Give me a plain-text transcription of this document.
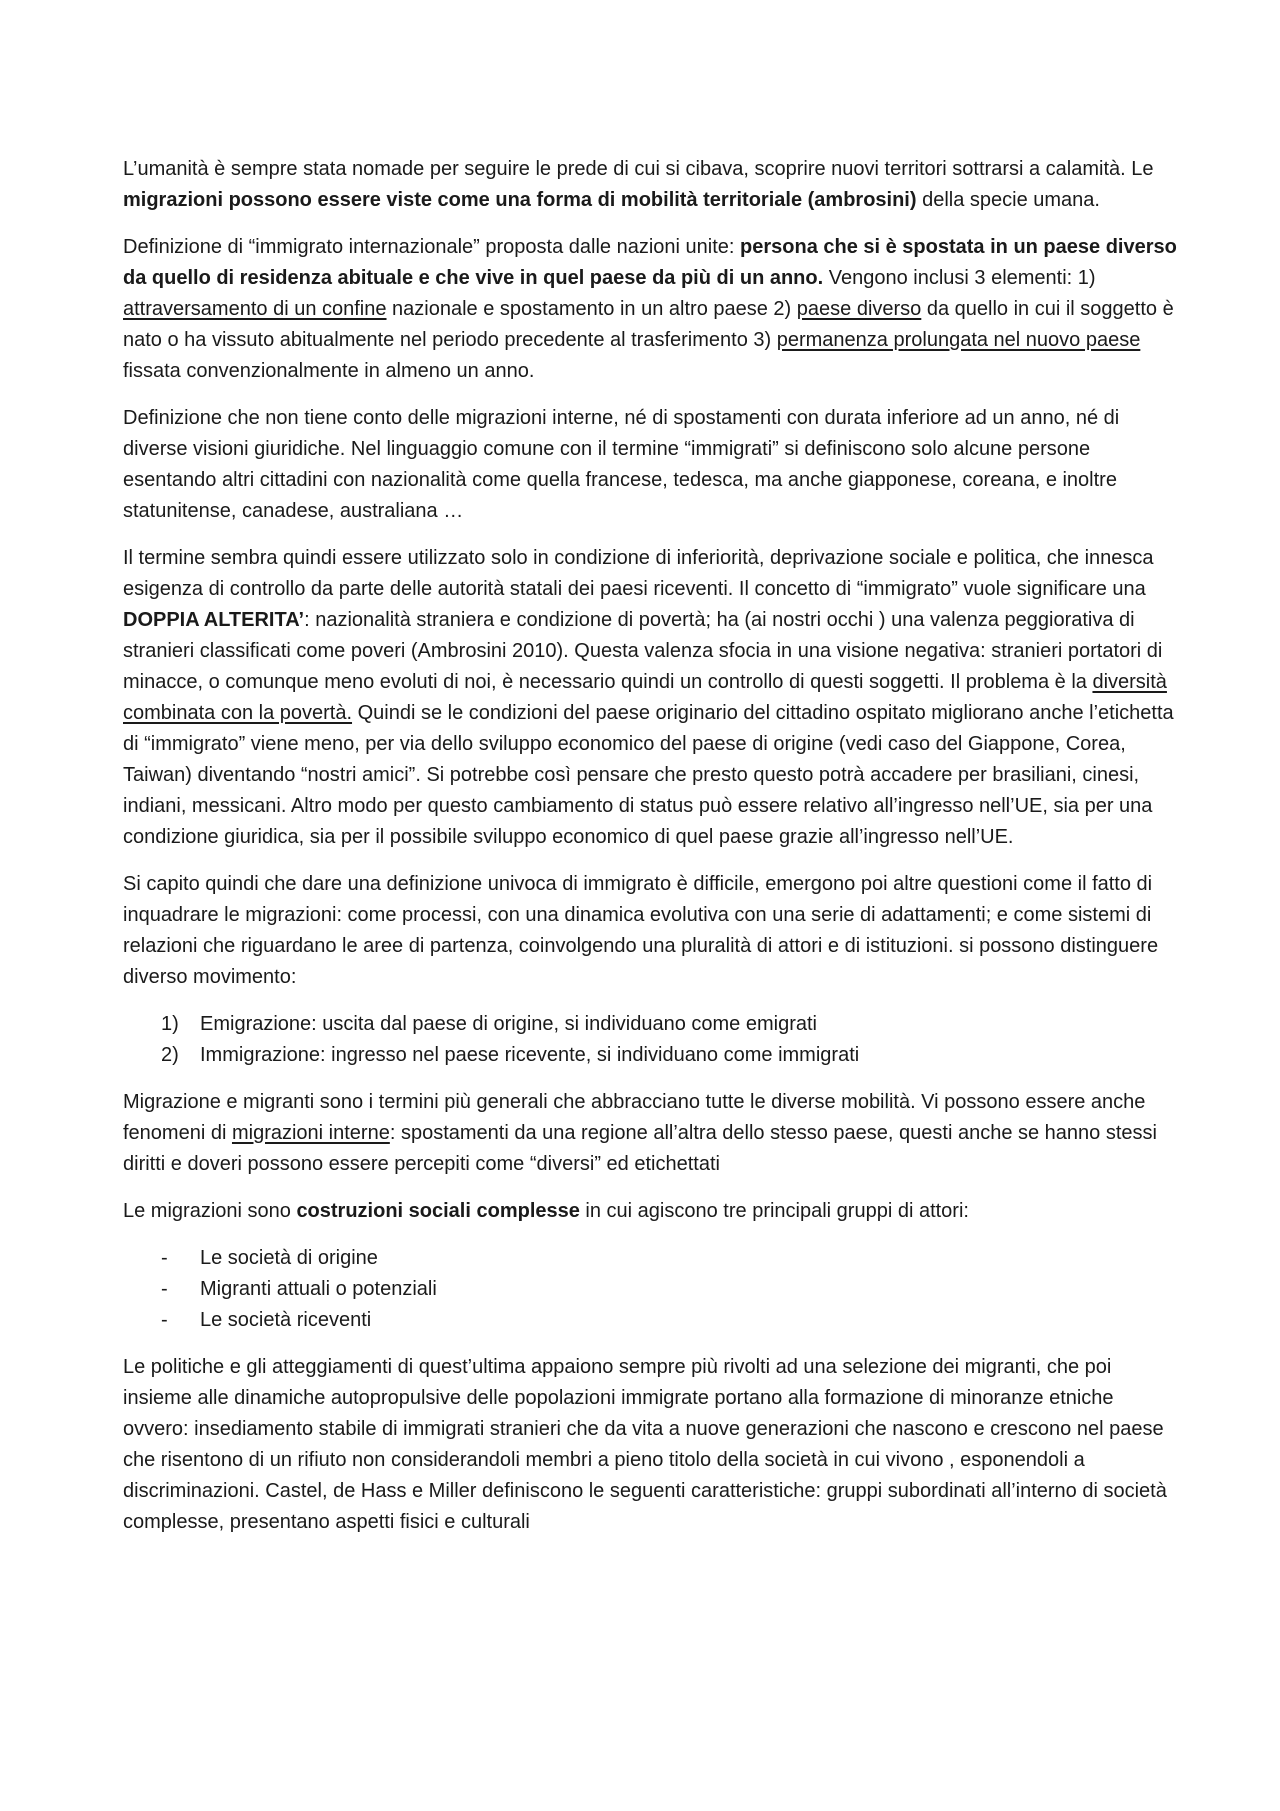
L’umanità è sempre stata nomade per seguire le prede di cui si cibava, scoprire nuovi territori sottrarsi a calamità. Le migrazioni possono essere viste come una forma di mobilità territoriale (ambrosini) della specie umana.

Definizione di “immigrato internazionale” proposta dalle nazioni unite: persona che si è spostata in un paese diverso da quello di residenza abituale e che vive in quel paese da più di un anno. Vengono inclusi 3 elementi: 1) attraversamento di un confine nazionale e spostamento in un altro paese 2) paese diverso da quello in cui il soggetto è nato o ha vissuto abitualmente nel periodo precedente al trasferimento 3) permanenza prolungata nel nuovo paese fissata convenzionalmente in almeno un anno.

Definizione che non tiene conto delle migrazioni interne, né di spostamenti con durata inferiore ad un anno, né di diverse visioni giuridiche. Nel linguaggio comune con il termine “immigrati” si definiscono solo alcune persone esentando altri cittadini con nazionalità come quella francese, tedesca, ma anche giapponese, coreana, e inoltre statunitense, canadese, australiana …

Il termine sembra quindi essere utilizzato solo in condizione di inferiorità, deprivazione sociale e politica, che innesca esigenza di controllo da parte delle autorità statali dei paesi riceventi. Il concetto di “immigrato” vuole significare una DOPPIA ALTERITA’: nazionalità straniera e condizione di povertà; ha (ai nostri occhi ) una valenza peggiorativa di stranieri classificati come poveri (Ambrosini 2010). Questa valenza sfocia in una visione negativa: stranieri portatori di minacce, o comunque meno evoluti di noi, è necessario quindi un controllo di questi soggetti. Il problema è la diversità combinata con la povertà. Quindi se le condizioni del paese originario del cittadino ospitato migliorano anche l’etichetta di “immigrato” viene meno, per via dello sviluppo economico del paese di origine (vedi caso del Giappone, Corea, Taiwan) diventando “nostri amici”. Si potrebbe così pensare che presto questo potrà accadere per brasiliani, cinesi, indiani, messicani. Altro modo per questo cambiamento di status può essere relativo all’ingresso nell’UE, sia per una condizione giuridica, sia per il possibile sviluppo economico di quel paese grazie all’ingresso nell’UE.

Si capito quindi che dare una definizione univoca di immigrato è difficile, emergono poi altre questioni come il fatto di inquadrare le migrazioni: come processi, con una dinamica evolutiva con una serie di adattamenti; e come sistemi di relazioni che riguardano le aree di partenza, coinvolgendo una pluralità di attori e di istituzioni. si possono distinguere diverso movimento:

1) Emigrazione: uscita dal paese di origine, si individuano come emigrati
2) Immigrazione: ingresso nel paese ricevente, si individuano come immigrati

Migrazione e migranti sono i termini più generali che abbracciano tutte le diverse mobilità. Vi possono essere anche fenomeni di migrazioni interne: spostamenti da una regione all’altra dello stesso paese, questi anche se hanno stessi diritti e doveri possono essere percepiti come “diversi” ed etichettati

Le migrazioni sono costruzioni sociali complesse in cui agiscono tre principali gruppi di attori:

- Le società di origine
- Migranti attuali o potenziali
- Le società riceventi

Le politiche e gli atteggiamenti di quest’ultima appaiono sempre più rivolti ad una selezione dei migranti, che poi insieme alle dinamiche autopropulsive delle popolazioni immigrate portano alla formazione di minoranze etniche ovvero: insediamento stabile di immigrati stranieri che da vita a nuove generazioni che nascono e crescono nel paese che risentono di un rifiuto non considerandoli membri a pieno titolo della società in cui vivono , esponendoli a discriminazioni. Castel, de Hass e Miller definiscono le seguenti caratteristiche: gruppi subordinati all’interno di società complesse, presentano aspetti fisici e culturali
